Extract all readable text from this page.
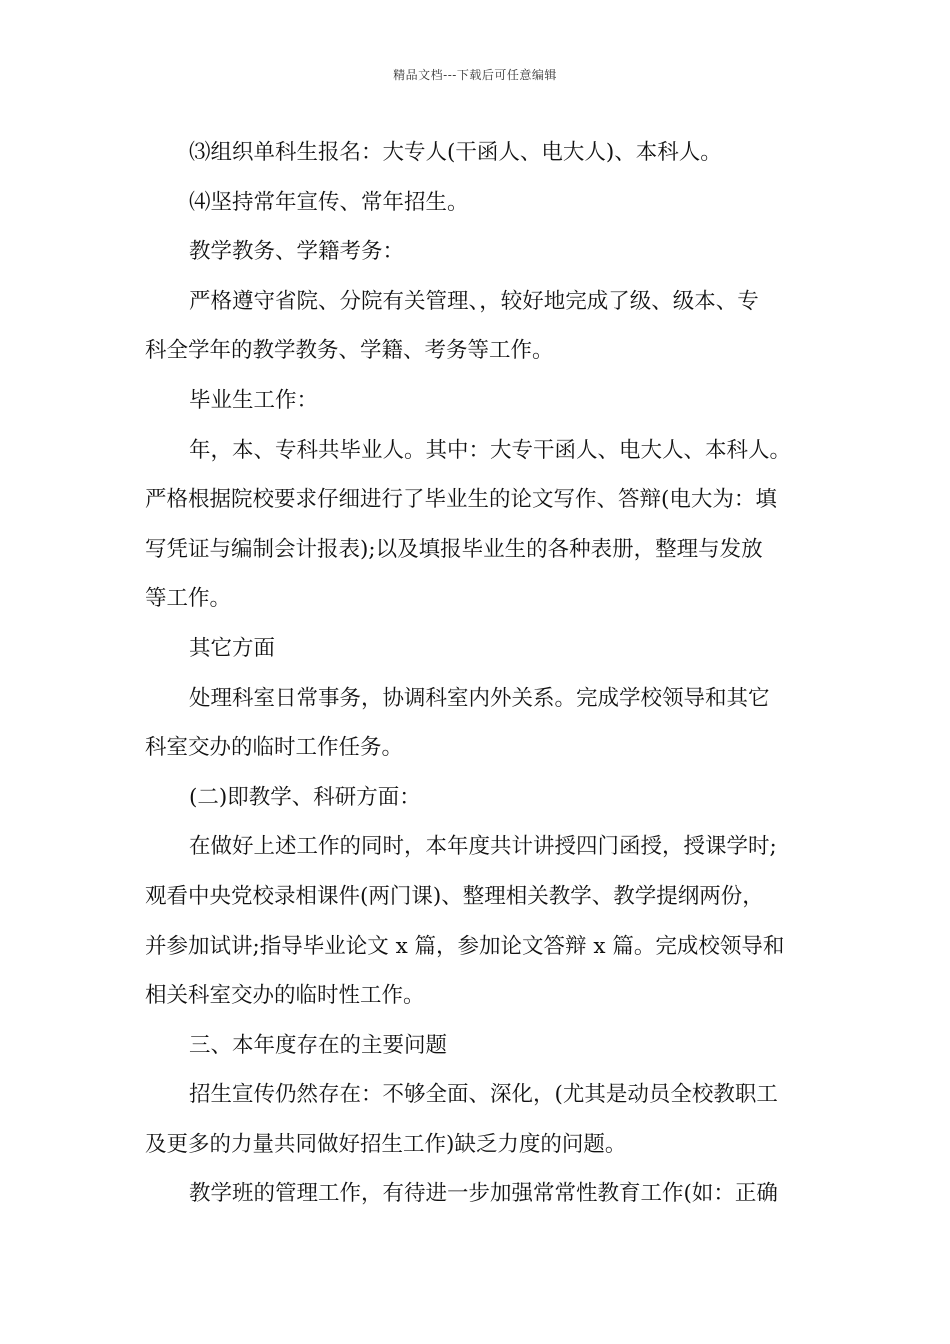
精品文档---下载后可任意编辑
⑶组织单科生报名：大专人(干函人、电大人)、本科人。
⑷坚持常年宣传、常年招生。
教学教务、学籍考务：
严格遵守省院、分院有关管理、，较好地完成了级、级本、专
科全学年的教学教务、学籍、考务等工作。
毕业生工作：
年，本、专科共毕业人。其中：大专干函人、电大人、本科人。
严格根据院校要求仔细进行了毕业生的论文写作、答辩(电大为：填
写凭证与编制会计报表);以及填报毕业生的各种表册，整理与发放
等工作。
其它方面
处理科室日常事务，协调科室内外关系。完成学校领导和其它
科室交办的临时工作任务。
(二)即教学、科研方面：
在做好上述工作的同时，本年度共计讲授四门函授，授课学时;
观看中央党校录相课件(两门课)、整理相关教学、教学提纲两份，
并参加试讲;指导毕业论文 x 篇，参加论文答辩 x 篇。完成校领导和
相关科室交办的临时性工作。
三、本年度存在的主要问题
招生宣传仍然存在：不够全面、深化，(尤其是动员全校教职工
及更多的力量共同做好招生工作)缺乏力度的问题。
教学班的管理工作，有待进一步加强常常性教育工作(如：正确
